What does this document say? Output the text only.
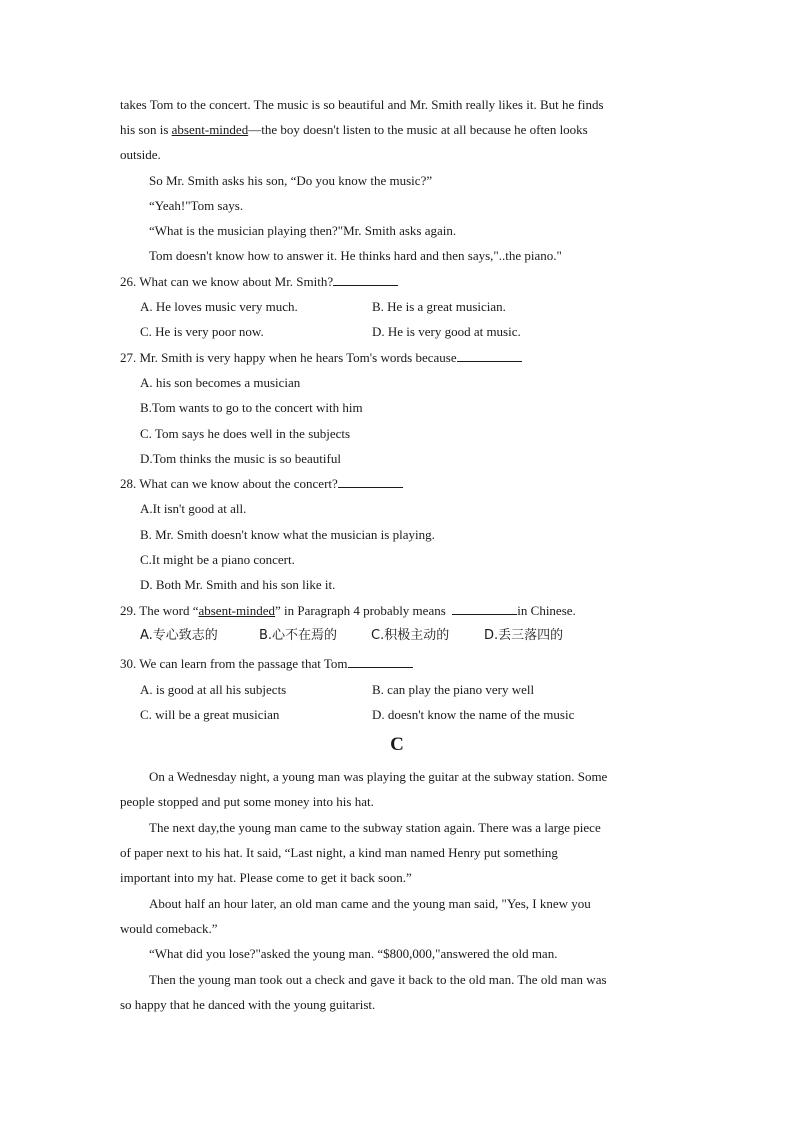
takes Tom to the concert. The music is so beautiful and Mr. Smith really likes it. But he finds
his son is absent-minded—the boy doesn't listen to the music at all because he often looks
outside.
So Mr. Smith asks his son, “Do you know the music?”
“Yeah!"Tom says.
“What is the musician playing then?"Mr. Smith asks again.
Tom doesn't know how to answer it. He thinks hard and then says,"..the piano."
26. What can we know about Mr. Smith?
A. He loves music very much.	B. He is a great musician.
C. He is very poor now.	D. He is very good at music.
27. Mr. Smith is very happy when he hears Tom's words because
A. his son becomes a musician
B.Tom wants to go to the concert with him
C. Tom says he does well in the subjects
D.Tom thinks the music is so beautiful
28. What can we know about the concert?
A.It isn't good at all.
B. Mr. Smith doesn't know what the musician is playing.
C.It might be a piano concert.
D. Both Mr. Smith and his son like it.
29. The word “absent-minded” in Paragraph 4 probably means	in Chinese.
A.专心致志的	B.心不在焉的	C.积极主动的	D.丢三落四的
30. We can learn from the passage that Tom
A. is good at all his subjects	B. can play the piano very well
C. will be a great musician	D. doesn't know the name of the music
C
On a Wednesday night, a young man was playing the guitar at the subway station. Some
people stopped and put some money into his hat.
The next day,the young man came to the subway station again. There was a large piece
of paper next to his hat. It said, “Last night, a kind man named Henry put something
important into my hat. Please come to get it back soon.”
About half an hour later, an old man came and the young man said, "Yes, I knew you
would comeback.”
“What did you lose?"asked the young man. “$800,000,"answered the old man.
Then the young man took out a check and gave it back to the old man. The old man was
so happy that he danced with the young guitarist.
